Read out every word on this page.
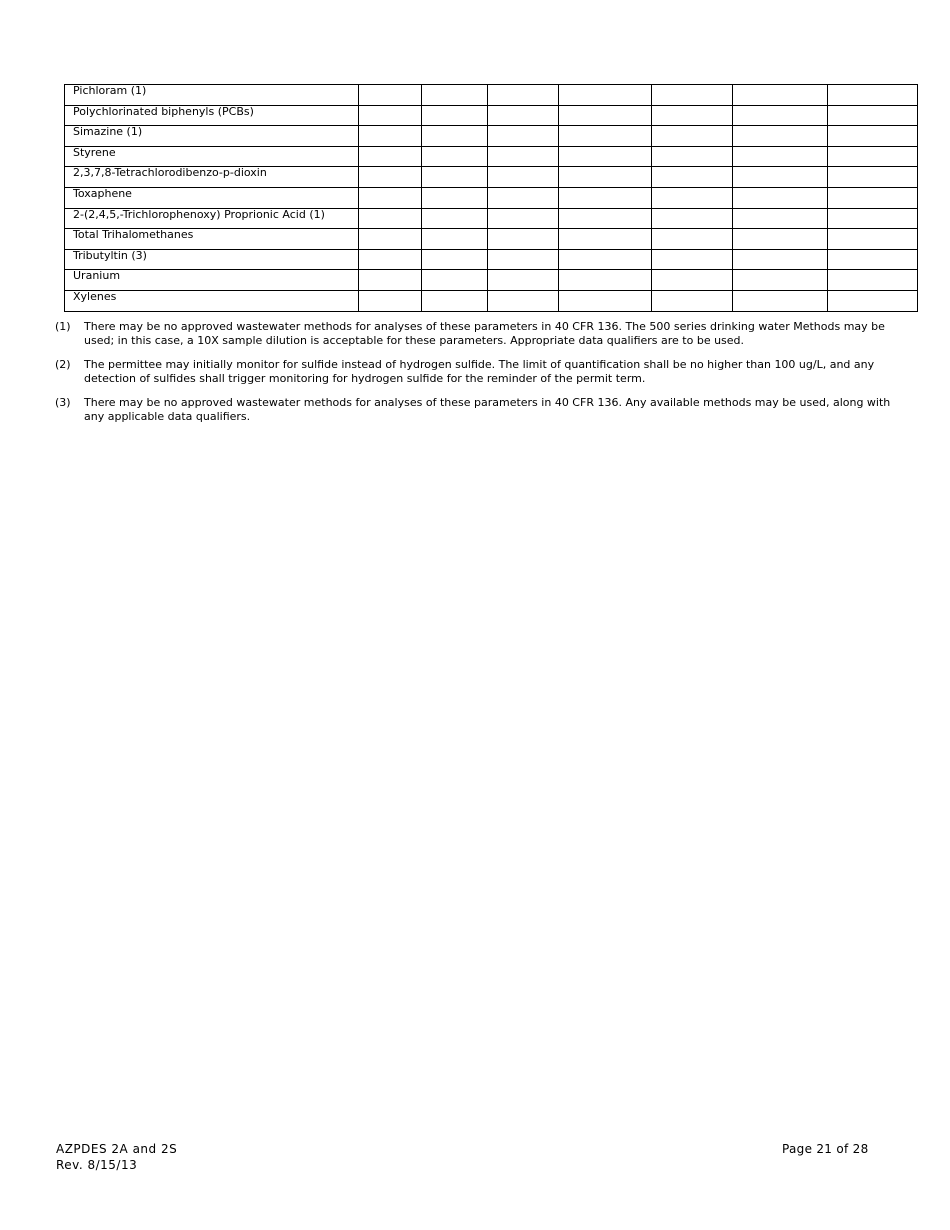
Pichloram (1)							
Polychlorinated biphenyls (PCBs)							
Simazine (1)							
Styrene							
2,3,7,8-Tetrachlorodibenzo-p-dioxin							
Toxaphene							
2-(2,4,5,-Trichlorophenoxy) Proprionic Acid (1)							
Total Trihalomethanes							
Tributyltin (3)							
Uranium							
Xylenes							
(1)	There may be no approved wastewater methods for analyses of these parameters in 40 CFR 136. The 500 series drinking water Methods may be used; in this case, a 10X sample dilution is acceptable for these parameters. Appropriate data qualifiers are to be used.
(2)	The permittee may initially monitor for sulfide instead of hydrogen sulfide. The limit of quantification shall be no higher than 100 ug/L, and any detection of sulfides shall trigger monitoring for hydrogen sulfide for the reminder of the permit term.
(3)	There may be no approved wastewater methods for analyses of these parameters in 40 CFR 136. Any available methods may be used, along with any applicable data qualifiers.
AZPDES 2A and 2S
Rev. 8/15/13
Page 21 of 28
